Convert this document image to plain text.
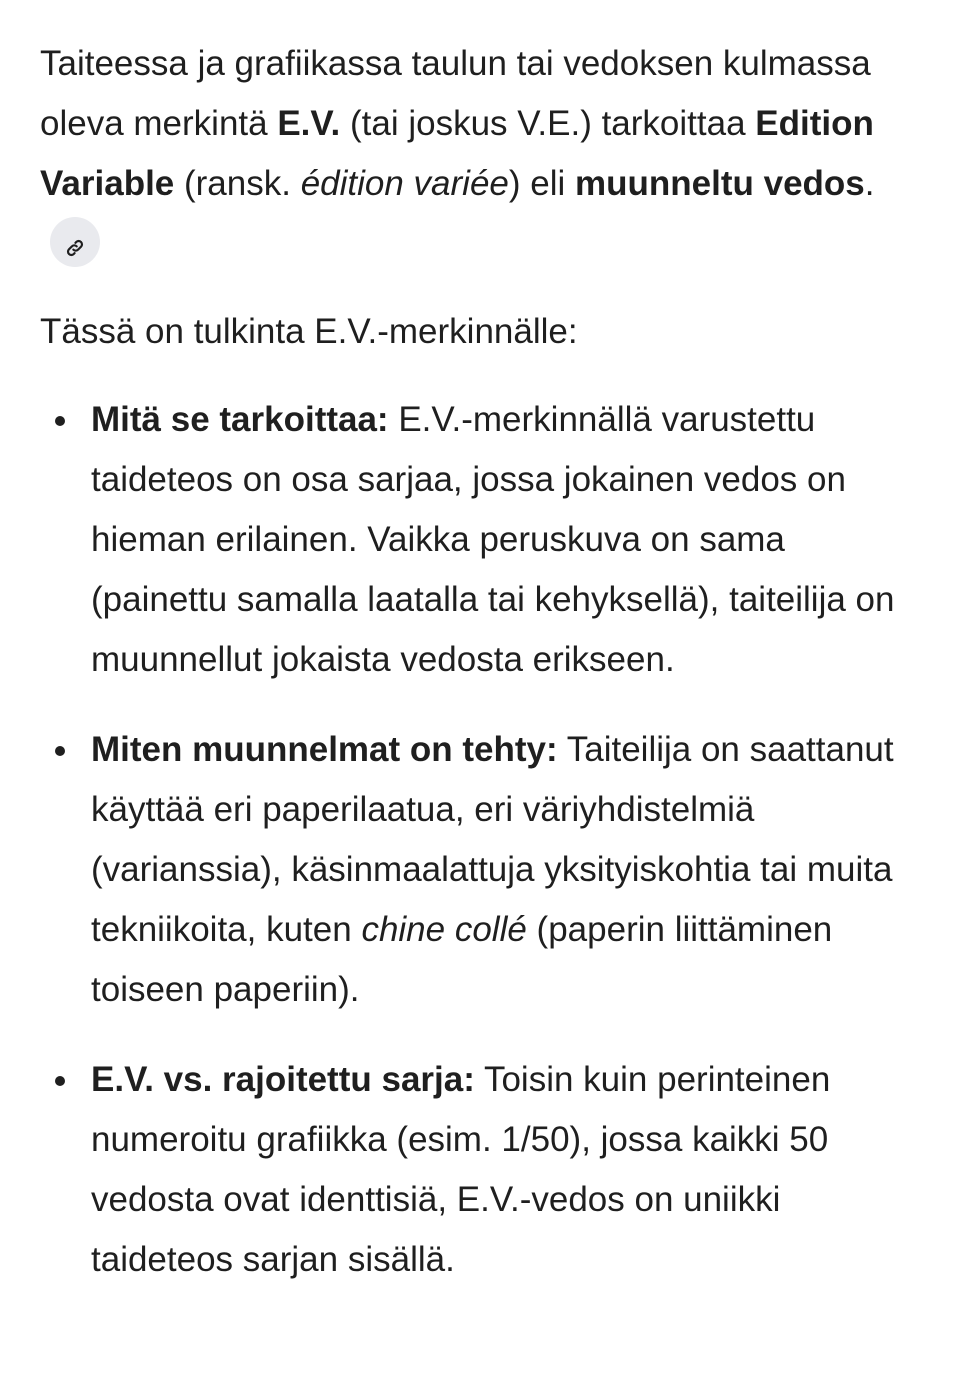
Taiteessa ja grafiikassa taulun tai vedoksen kulmassa oleva merkintä E.V. (tai joskus V.E.) tarkoittaa Edition Variable (ransk. édition variée) eli muunneltu vedos.

Tässä on tulkinta E.V.-merkinnälle:

Mitä se tarkoittaa: E.V.-merkinnällä varustettu taideteos on osa sarjaa, jossa jokainen vedos on hieman erilainen. Vaikka peruskuva on sama (painettu samalla laatalla tai kehyksellä), taiteilija on muunnellut jokaista vedosta erikseen.
Miten muunnelmat on tehty: Taiteilija on saattanut käyttää eri paperilaatua, eri väriyhdistelmiä (varianssia), käsinmaalattuja yksityiskohtia tai muita tekniikoita, kuten chine collé (paperin liittäminen toiseen paperiin).
E.V. vs. rajoitettu sarja: Toisin kuin perinteinen numeroitu grafiikka (esim. 1/50), jossa kaikki 50 vedosta ovat identtisiä, E.V.-vedos on uniikki taideteos sarjan sisällä.
